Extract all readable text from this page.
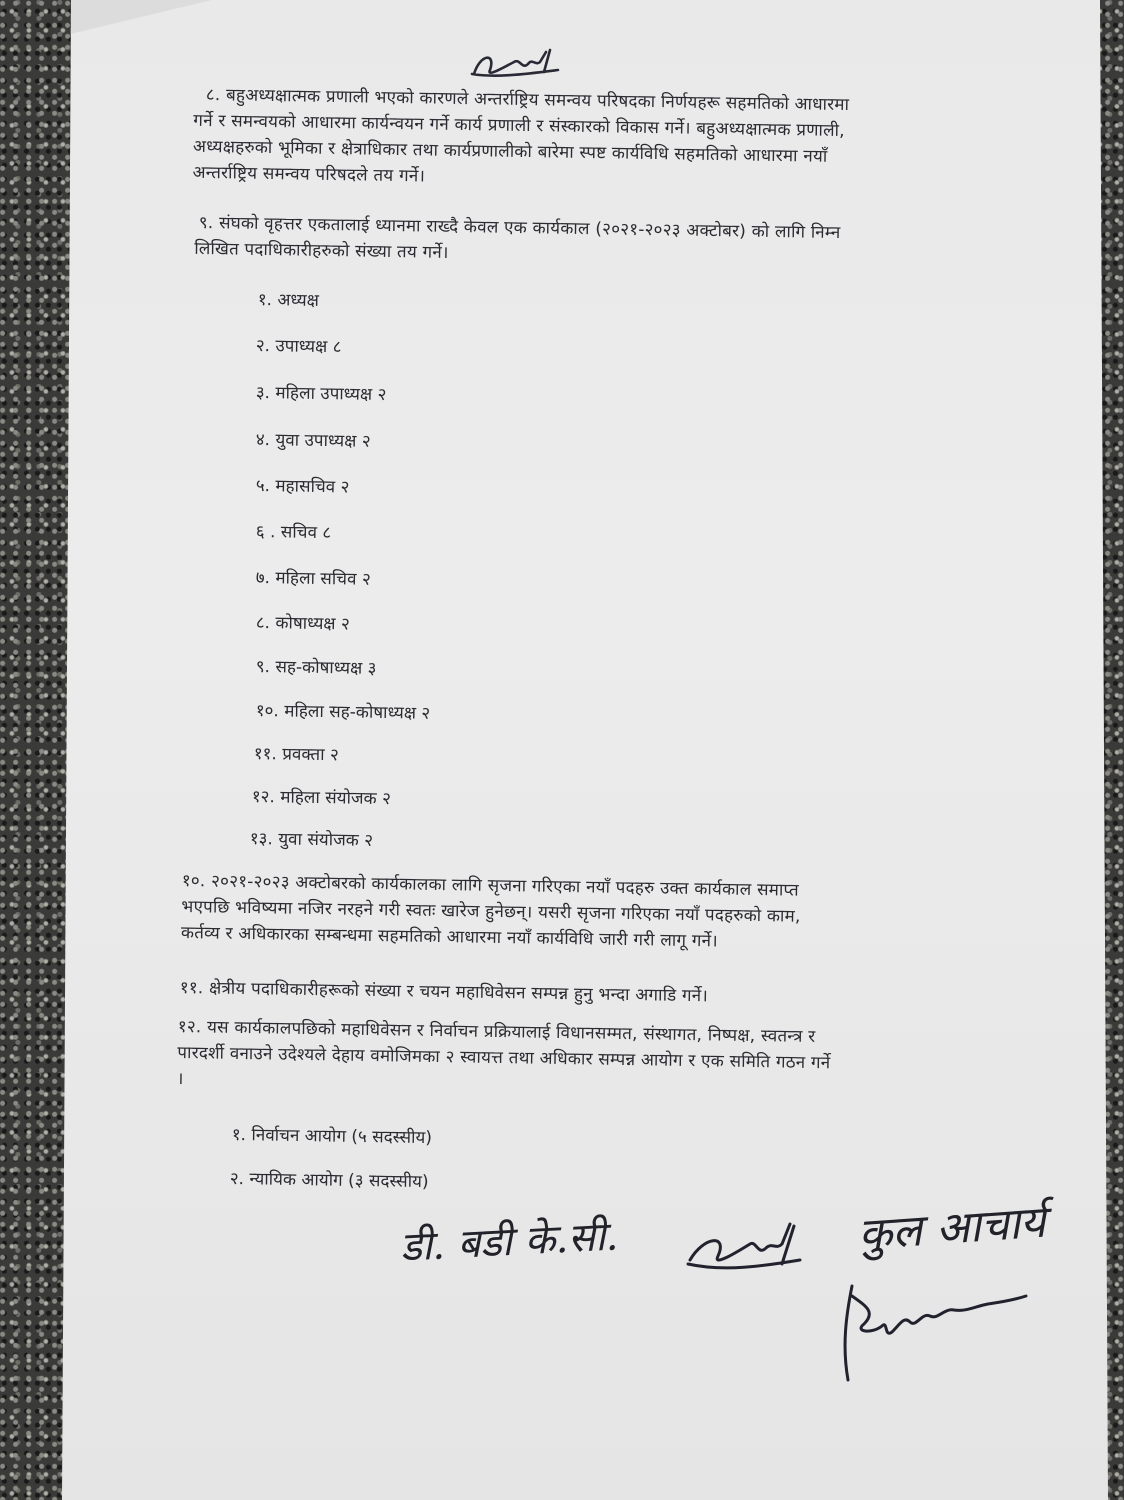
८. बहुअध्यक्षात्मक प्रणाली भएको कारणले अन्तर्राष्ट्रिय समन्वय परिषदका निर्णयहरू सहमतिको आधारमा
गर्ने र समन्वयको आधारमा कार्यन्वयन गर्ने कार्य प्रणाली र संस्कारको विकास गर्ने। बहुअध्यक्षात्मक प्रणाली,
अध्यक्षहरुको भूमिका र क्षेत्राधिकार तथा कार्यप्रणालीको बारेमा स्पष्ट कार्यविधि सहमतिको आधारमा नयाँ
अन्तर्राष्ट्रिय समन्वय परिषदले तय गर्ने।
९. संघको वृहत्तर एकतालाई ध्यानमा राख्दै केवल एक कार्यकाल (२०२१-२०२३ अक्टोबर) को लागि निम्न
लिखित पदाधिकारीहरुको संख्या तय गर्ने।
१. अध्यक्ष
२. उपाध्यक्ष ८
३. महिला उपाध्यक्ष २
४. युवा उपाध्यक्ष २
५. महासचिव २
६ . सचिव ८
७. महिला सचिव २
८. कोषाध्यक्ष २
९. सह-कोषाध्यक्ष ३
१०. महिला सह-कोषाध्यक्ष २
११. प्रवक्ता २
१२. महिला संयोजक २
१३. युवा संयोजक २
१०. २०२१-२०२३ अक्टोबरको कार्यकालका लागि सृजना गरिएका नयाँ पदहरु उक्त कार्यकाल समाप्त
भएपछि भविष्यमा नजिर नरहने गरी स्वतः खारेज हुनेछन्। यसरी सृजना गरिएका नयाँ पदहरुको काम,
कर्तव्य र अधिकारका सम्बन्धमा सहमतिको आधारमा नयाँ कार्यविधि जारी गरी लागू गर्ने।
११. क्षेत्रीय पदाधिकारीहरूको संख्या र चयन महाधिवेसन सम्पन्न हुनु भन्दा अगाडि गर्ने।
१२. यस कार्यकालपछिको महाधिवेसन र निर्वाचन प्रक्रियालाई विधानसम्मत, संस्थागत, निष्पक्ष, स्वतन्त्र र
पारदर्शी वनाउने उदेश्यले देहाय वमोजिमका २ स्वायत्त तथा अधिकार सम्पन्न आयोग र एक समिति गठन गर्ने
।
१. निर्वाचन आयोग (५ सदस्सीय)
२. न्यायिक आयोग (३ सदस्सीय)
डी. बडी के.सी.	कुल आचार्य
